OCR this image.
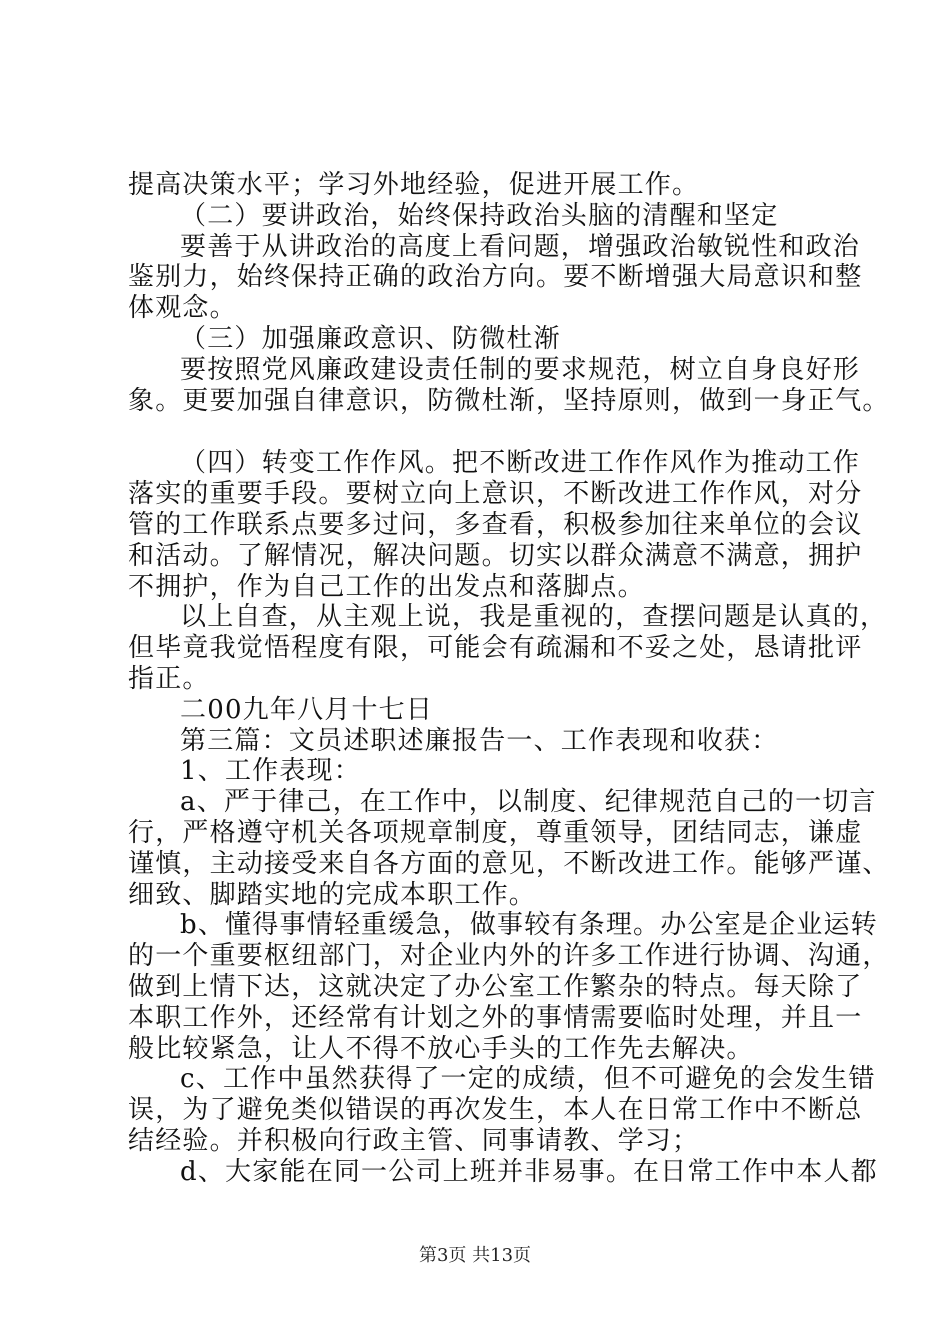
提高决策水平；学习外地经验，促进开展工作。
（二）要讲政治，始终保持政治头脑的清醒和坚定
要善于从讲政治的高度上看问题，增强政治敏锐性和政治
鉴别力，始终保持正确的政治方向。要不断增强大局意识和整
体观念。
（三）加强廉政意识、防微杜渐
要按照党风廉政建设责任制的要求规范，树立自身良好形
象。更要加强自律意识，防微杜渐，坚持原则，做到一身正气。
（四）转变工作作风。把不断改进工作作风作为推动工作
落实的重要手段。要树立向上意识，不断改进工作作风，对分
管的工作联系点要多过问，多查看，积极参加往来单位的会议
和活动。了解情况，解决问题。切实以群众满意不满意，拥护
不拥护，作为自己工作的出发点和落脚点。
以上自查，从主观上说，我是重视的，查摆问题是认真的，
但毕竟我觉悟程度有限，可能会有疏漏和不妥之处，恳请批评
指正。
二00九年八月十七日
第三篇：文员述职述廉报告一、工作表现和收获：
1、工作表现：
a、严于律己，在工作中，以制度、纪律规范自己的一切言
行，严格遵守机关各项规章制度，尊重领导，团结同志，谦虚
谨慎，主动接受来自各方面的意见，不断改进工作。能够严谨、
细致、脚踏实地的完成本职工作。
b、懂得事情轻重缓急，做事较有条理。办公室是企业运转
的一个重要枢纽部门，对企业内外的许多工作进行协调、沟通，
做到上情下达，这就决定了办公室工作繁杂的特点。每天除了
本职工作外，还经常有计划之外的事情需要临时处理，并且一
般比较紧急，让人不得不放心手头的工作先去解决。
c、工作中虽然获得了一定的成绩，但不可避免的会发生错
误，为了避免类似错误的再次发生，本人在日常工作中不断总
结经验。并积极向行政主管、同事请教、学习；
d、大家能在同一公司上班并非易事。在日常工作中本人都
第3页 共13页
